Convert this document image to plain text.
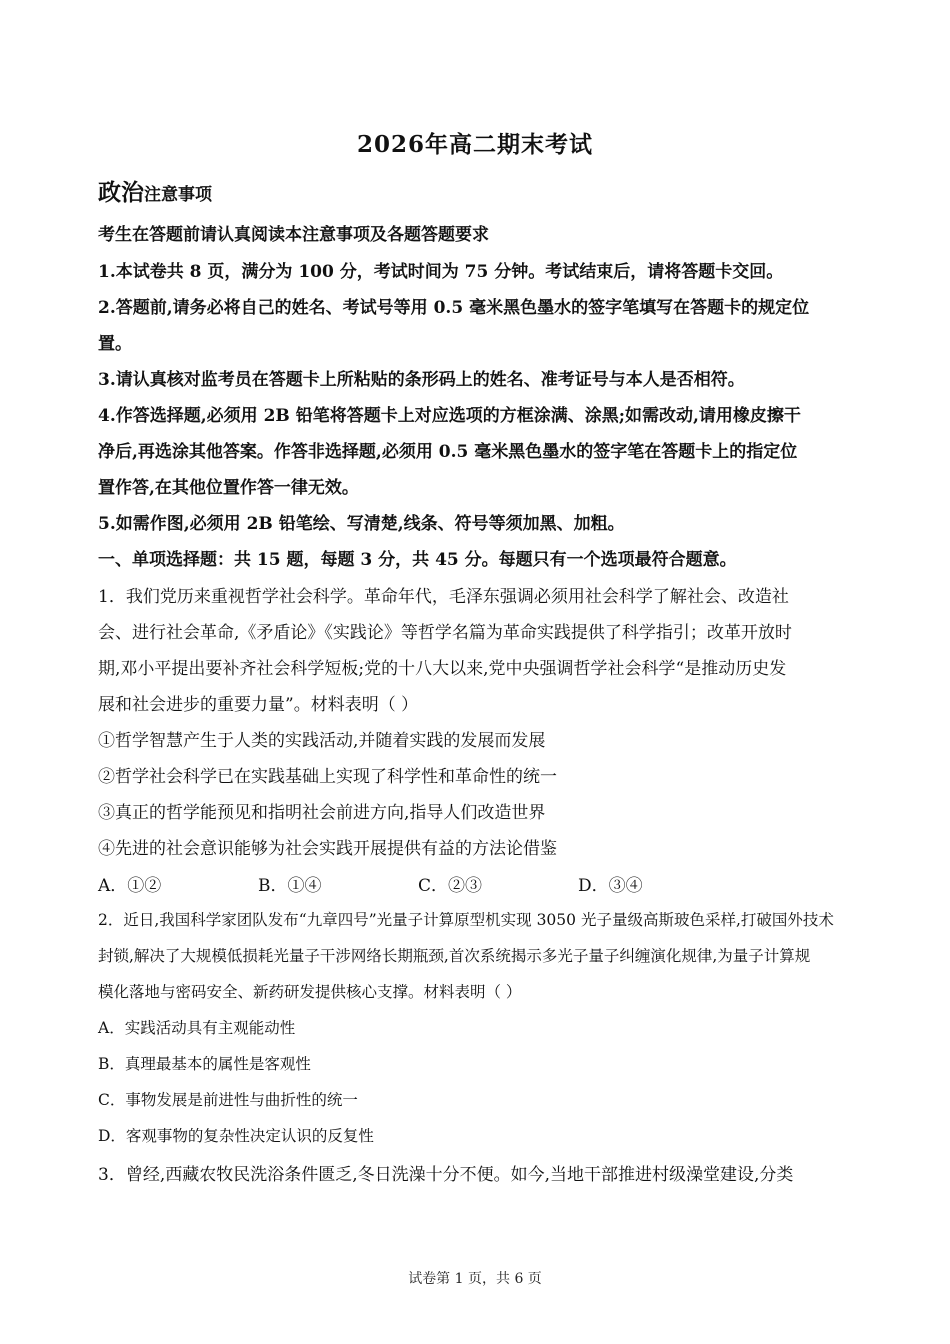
2026年高二期末考试
政治注意事项
考生在答题前请认真阅读本注意事项及各题答题要求
1.本试卷共 8 页，满分为 100 分，考试时间为 75 分钟。考试结束后，请将答题卡交回。
2.答题前,请务必将自己的姓名、考试号等用 0.5 毫米黑色墨水的签字笔填写在答题卡的规定位
置。
3.请认真核对监考员在答题卡上所粘贴的条形码上的姓名、准考证号与本人是否相符。
4.作答选择题,必须用 2B 铅笔将答题卡上对应选项的方框涂满、涂黑;如需改动,请用橡皮擦干
净后,再选涂其他答案。作答非选择题,必须用 0.5 毫米黑色墨水的签字笔在答题卡上的指定位
置作答,在其他位置作答一律无效。
5.如需作图,必须用 2B 铅笔绘、写清楚,线条、符号等须加黑、加粗。
一、单项选择题：共 15 题，每题 3 分，共 45 分。每题只有一个选项最符合题意。
1．我们党历来重视哲学社会科学。革命年代，毛泽东强调必须用社会科学了解社会、改造社
会、进行社会革命,《矛盾论》《实践论》等哲学名篇为革命实践提供了科学指引；改革开放时
期,邓小平提出要补齐社会科学短板;党的十八大以来,党中央强调哲学社会科学“是推动历史发
展和社会进步的重要力量”。材料表明（ ）
①哲学智慧产生于人类的实践活动,并随着实践的发展而发展
②哲学社会科学已在实践基础上实现了科学性和革命性的统一
③真正的哲学能预见和指明社会前进方向,指导人们改造世界
④先进的社会意识能够为社会实践开展提供有益的方法论借鉴
A．①②	B．①④	C．②③	D．③④
2．近日,我国科学家团队发布“九章四号”光量子计算原型机实现 3050 光子量级高斯玻色采样,打破国外技术
封锁,解决了大规模低损耗光量子干涉网络长期瓶颈,首次系统揭示多光子量子纠缠演化规律,为量子计算规
模化落地与密码安全、新药研发提供核心支撑。材料表明（ ）
A．实践活动具有主观能动性
B．真理最基本的属性是客观性
C．事物发展是前进性与曲折性的统一
D．客观事物的复杂性决定认识的反复性
3．曾经,西藏农牧民洗浴条件匮乏,冬日洗澡十分不便。如今,当地干部推进村级澡堂建设,分类
试卷第 1 页，共 6 页
